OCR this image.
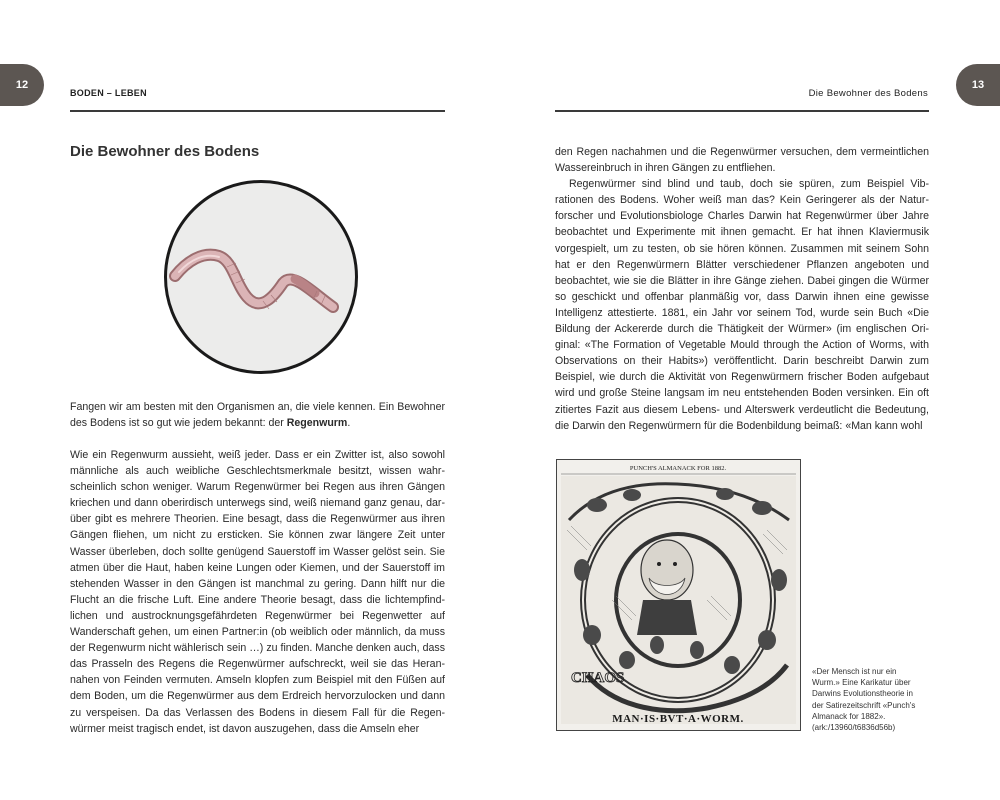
12
BODEN – LEBEN
Die Bewohner des Bodens
Fangen wir am besten mit den Organismen an, die viele kennen. Ein Bewohner des Bodens ist so gut wie jedem bekannt: der Regenwurm.

Wie ein Regenwurm aussieht, weiß jeder. Dass er ein Zwitter ist, also sowohl männliche als auch weibliche Geschlechtsmerkmale besitzt, wissen wahrscheinlich schon weniger. Warum Regenwürmer bei Regen aus ihren Gängen kriechen und dann oberirdisch unterwegs sind, weiß niemand ganz genau, darüber gibt es mehrere Theorien. Eine besagt, dass die Regenwürmer aus ihren Gängen fliehen, um nicht zu ersticken. Sie können zwar längere Zeit unter Wasser überleben, doch sollte genügend Sauerstoff im Wasser gelöst sein. Sie atmen über die Haut, haben keine Lungen oder Kiemen, und der Sauerstoff im stehenden Wasser in den Gängen ist manchmal zu gering. Dann hilft nur die Flucht an die frische Luft. Eine andere Theorie besagt, dass die lichtempfindlichen und austrocknungsgefährdeten Regenwürmer bei Regenwetter auf Wanderschaft gehen, um einen Partner:in (ob weiblich oder männlich, da muss der Regenwurm nicht wählerisch sein …) zu finden. Manche denken auch, dass das Prasseln des Regens die Regenwürmer aufschreckt, weil sie das Herannahen von Feinden vermuten. Amseln klopfen zum Beispiel mit den Füßen auf dem Boden, um die Regenwürmer aus dem Erdreich hervorzulocken und dann zu verspeisen. Da das Verlassen des Bodens in diesem Fall für die Regenwürmer meist tragisch endet, ist davon auszugehen, dass die Amseln eher

13
Die Bewohner des Bodens

den Regen nachahmen und die Regenwürmer versuchen, dem vermeintlichen Wassereinbruch in ihren Gängen zu entfliehen.

Regenwürmer sind blind und taub, doch sie spüren, zum Beispiel Vibrationen des Bodens. Woher weiß man das? Kein Geringerer als der Naturforscher und Evolutionsbiologe Charles Darwin hat Regenwürmer über Jahre beobachtet und Experimente mit ihnen gemacht. Er hat ihnen Klaviermusik vorgespielt, um zu testen, ob sie hören können. Zusammen mit seinem Sohn hat er den Regenwürmern Blätter verschiedener Pflanzen angeboten und beobachtet, wie sie die Blätter in ihre Gänge ziehen. Dabei gingen die Würmer so geschickt und offenbar planmäßig vor, dass Darwin ihnen eine gewisse Intelligenz attestierte. 1881, ein Jahr vor seinem Tod, wurde sein Buch «Die Bildung der Ackererde durch die Thätigkeit der Würmer» (im englischen Original: «The Formation of Vegetable Mould through the Action of Worms, with Observations on their Habits») veröffentlicht. Darin beschreibt Darwin zum Beispiel, wie durch die Aktivität von Regenwürmern frischer Boden aufgebaut wird und große Steine langsam im neu entstehenden Boden versinken. Ein oft zitiertes Fazit aus diesem Lebens- und Alterswerk verdeutlicht die Bedeutung, die Darwin den Regenwürmern für die Bodenbildung beimaß: «Man kann wohl

PUNCH'S ALMANACK FOR 1882.
CHAOS
MAN·IS·BVT·A·WORM.

«Der Mensch ist nur ein

Wurm.» Eine Karikatur über

Darwins Evolutionstheorie in

der Satirezeitschrift «Punch's

Almanack for 1882».

(ark:/13960/t6836d56b)
